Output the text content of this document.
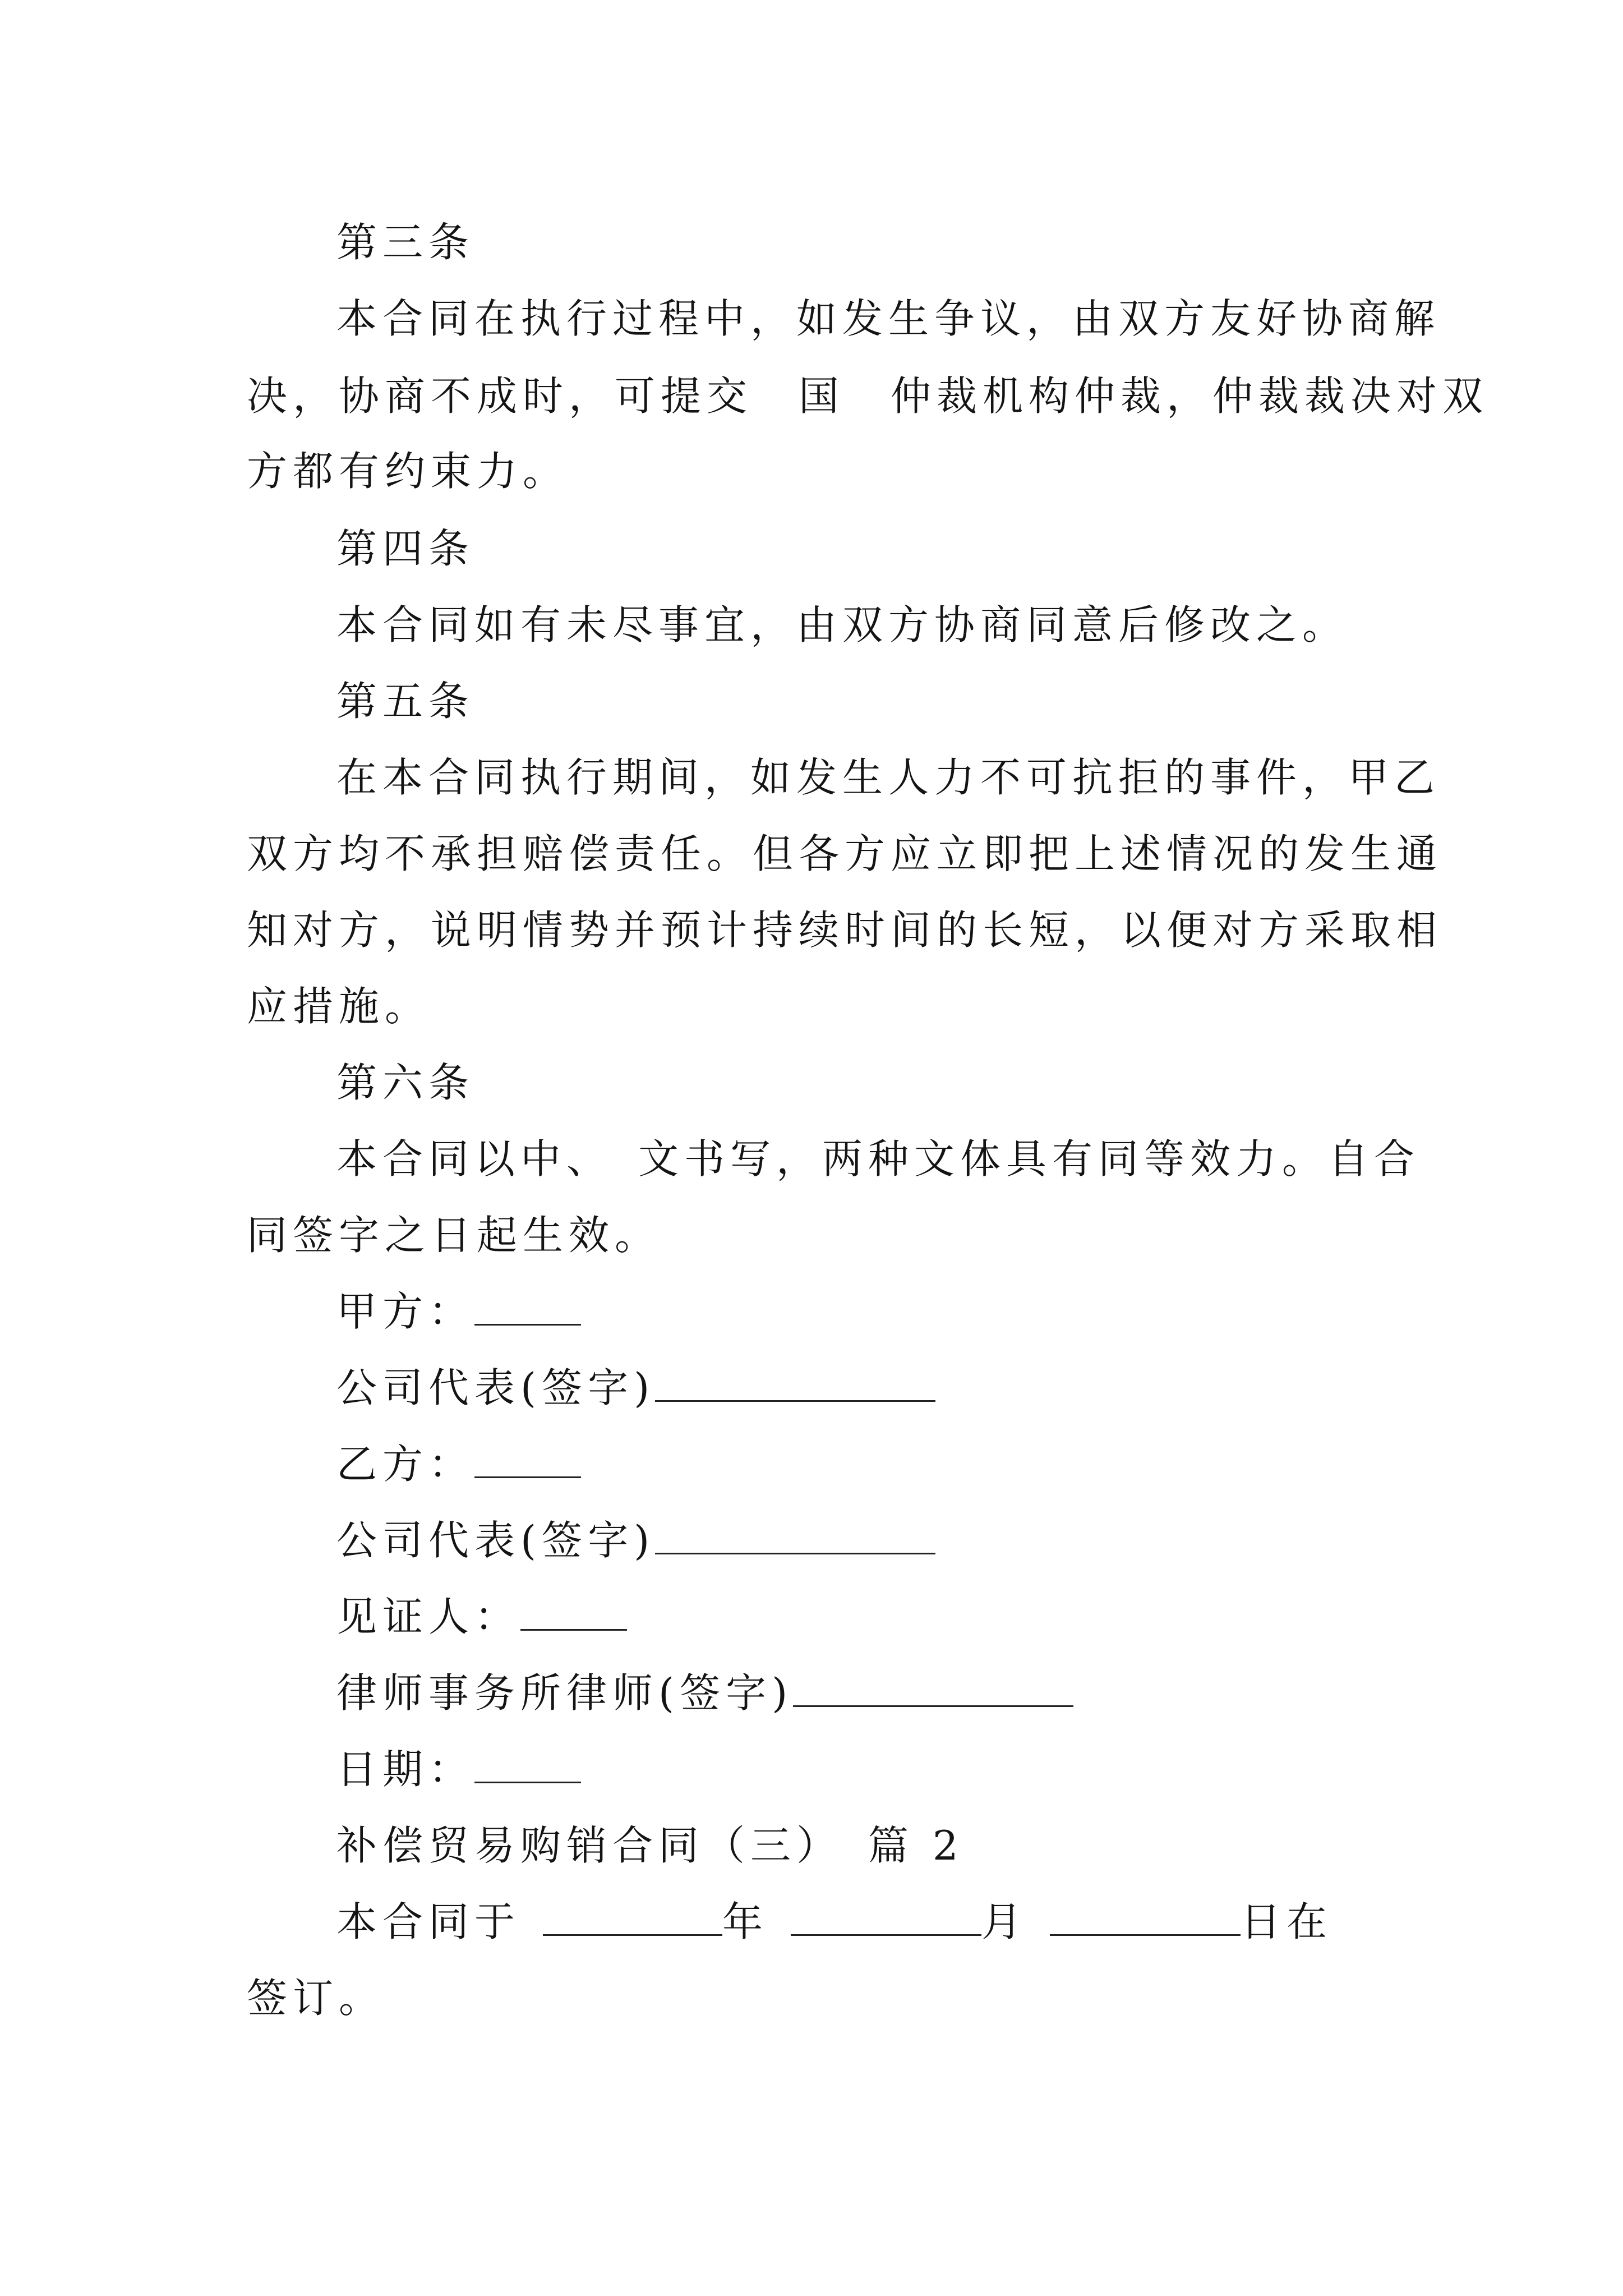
第三条

本合同在执行过程中，如发生争议，由双方友好协商解

决，协商不成时，可提交　国　仲裁机构仲裁，仲裁裁决对双

方都有约束力。

第四条

本合同如有未尽事宜，由双方协商同意后修改之。

第五条

在本合同执行期间，如发生人力不可抗拒的事件，甲乙

双方均不承担赔偿责任。但各方应立即把上述情况的发生通

知对方，说明情势并预计持续时间的长短，以便对方采取相

应措施。

第六条

本合同以中、　文书写，两种文体具有同等效力。自合

同签字之日起生效。

甲方：

公司代表(签字)

乙方：

公司代表(签字)

见证人：

律师事务所律师(签字)

日期：

补偿贸易购销合同（三）　篇 2

本合同于	年	月	日在

签订。
